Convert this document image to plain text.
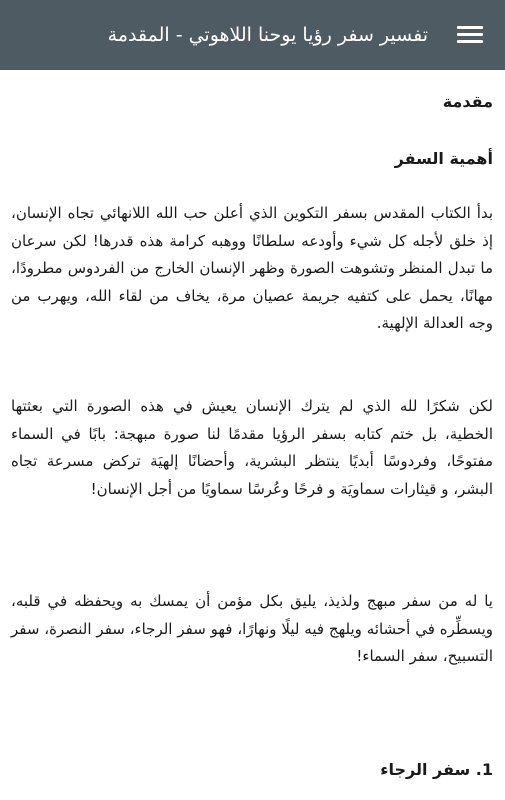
تفسير سفر رؤيا يوحنا اللاهوتي - المقدمة
مقدمة
أهمية السفر

بدأ الكتاب المقدس بسفر التكوين الذي أعلن حب الله اللانهائي تجاه الإنسان، إذ خلق لأجله كل شيء وأودعه سلطانًا ووهبه كرامة هذه قدرها! لكن سرعان ما تبدل المنظر وتشوهت الصورة وظهر الإنسان الخارج من الفردوس مطرودًا، مهانًا، يحمل على كتفيه جريمة عصيان مرة، يخاف من لقاء الله، ويهرب من وجه العدالة الإلهية.

لكن شكرًا لله الذي لم يترك الإنسان يعيش في هذه الصورة التي بعثتها الخطية، بل ختم كتابه بسفر الرؤيا مقدمًا لنا صورة مبهجة: بابًا في السماء مفتوحًا، وفردوسًا أبديًا ينتظر البشرية، وأحضانًا إلهيَة تركض مسرعة تجاه البشر، و قيثارات سماويَة و فرحًا وعُرسًا سماويًا من أجل الإنسان!

يا له من سفر مبهج ولذيذ، يليق بكل مؤمن أن يمسك به ويحفظه في قلبه، ويسطِّره في أحشائه ويلهج فيه ليلًا ونهارًا، فهو سفر الرجاء، سفر النصرة، سفر التسبيح، سفر السماء!

1. سفر الرجاء
